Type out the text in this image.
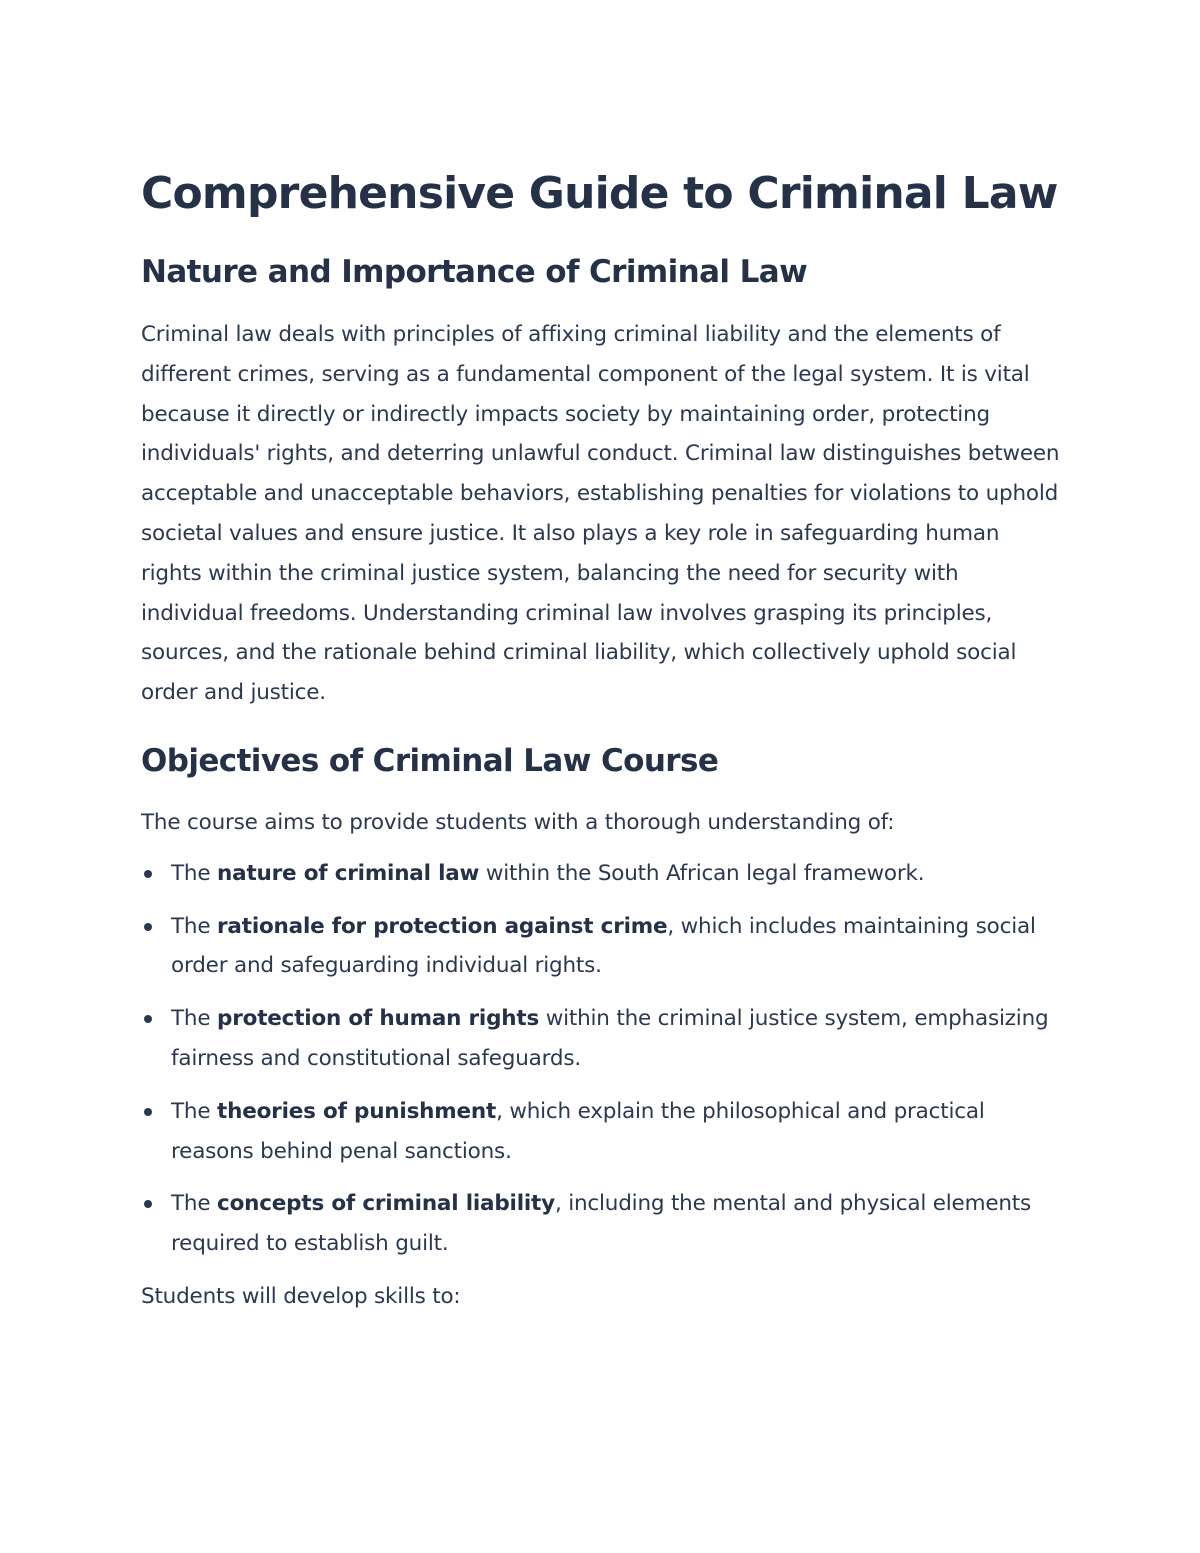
Comprehensive Guide to Criminal Law
Nature and Importance of Criminal Law

Criminal law deals with principles of affixing criminal liability and the elements of different crimes, serving as a fundamental component of the legal system. It is vital because it directly or indirectly impacts society by maintaining order, protecting individuals' rights, and deterring unlawful conduct. Criminal law distinguishes between acceptable and unacceptable behaviors, establishing penalties for violations to uphold societal values and ensure justice. It also plays a key role in safeguarding human rights within the criminal justice system, balancing the need for security with individual freedoms. Understanding criminal law involves grasping its principles, sources, and the rationale behind criminal liability, which collectively uphold social order and justice.

Objectives of Criminal Law Course

The course aims to provide students with a thorough understanding of:

The nature of criminal law within the South African legal framework.
The rationale for protection against crime, which includes maintaining social order and safeguarding individual rights.
The protection of human rights within the criminal justice system, emphasizing fairness and constitutional safeguards.
The theories of punishment, which explain the philosophical and practical reasons behind penal sanctions.
The concepts of criminal liability, including the mental and physical elements required to establish guilt.

Students will develop skills to:
